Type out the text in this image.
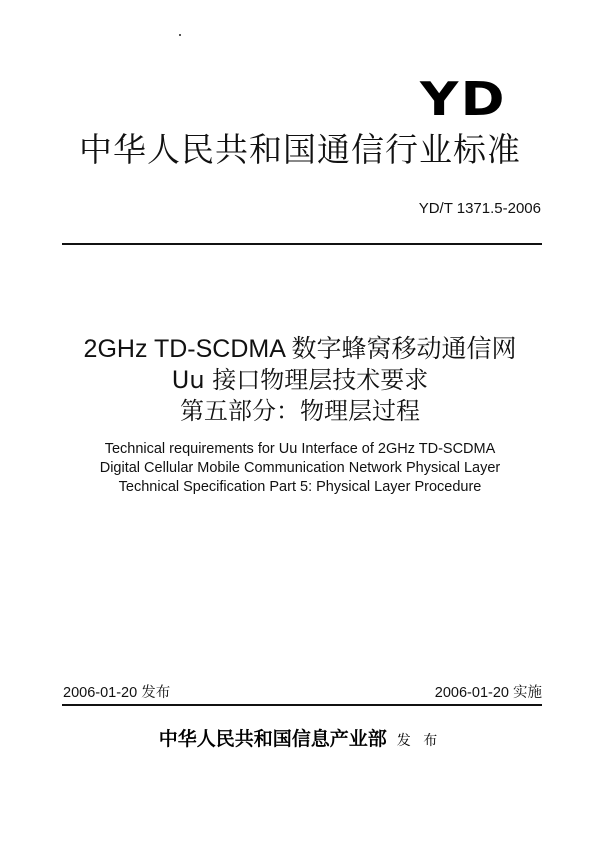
YD
中华人民共和国通信行业标准
YD/T 1371.5-2006
2GHz TD-SCDMA 数字蜂窝移动通信网
Uu 接口物理层技术要求
第五部分：物理层过程
Technical requirements for Uu Interface of 2GHz TD-SCDMA
Digital Cellular Mobile Communication Network Physical Layer
Technical Specification Part 5: Physical Layer Procedure
2006-01-20 发布	2006-01-20 实施
中华人民共和国信息产业部 发 布
